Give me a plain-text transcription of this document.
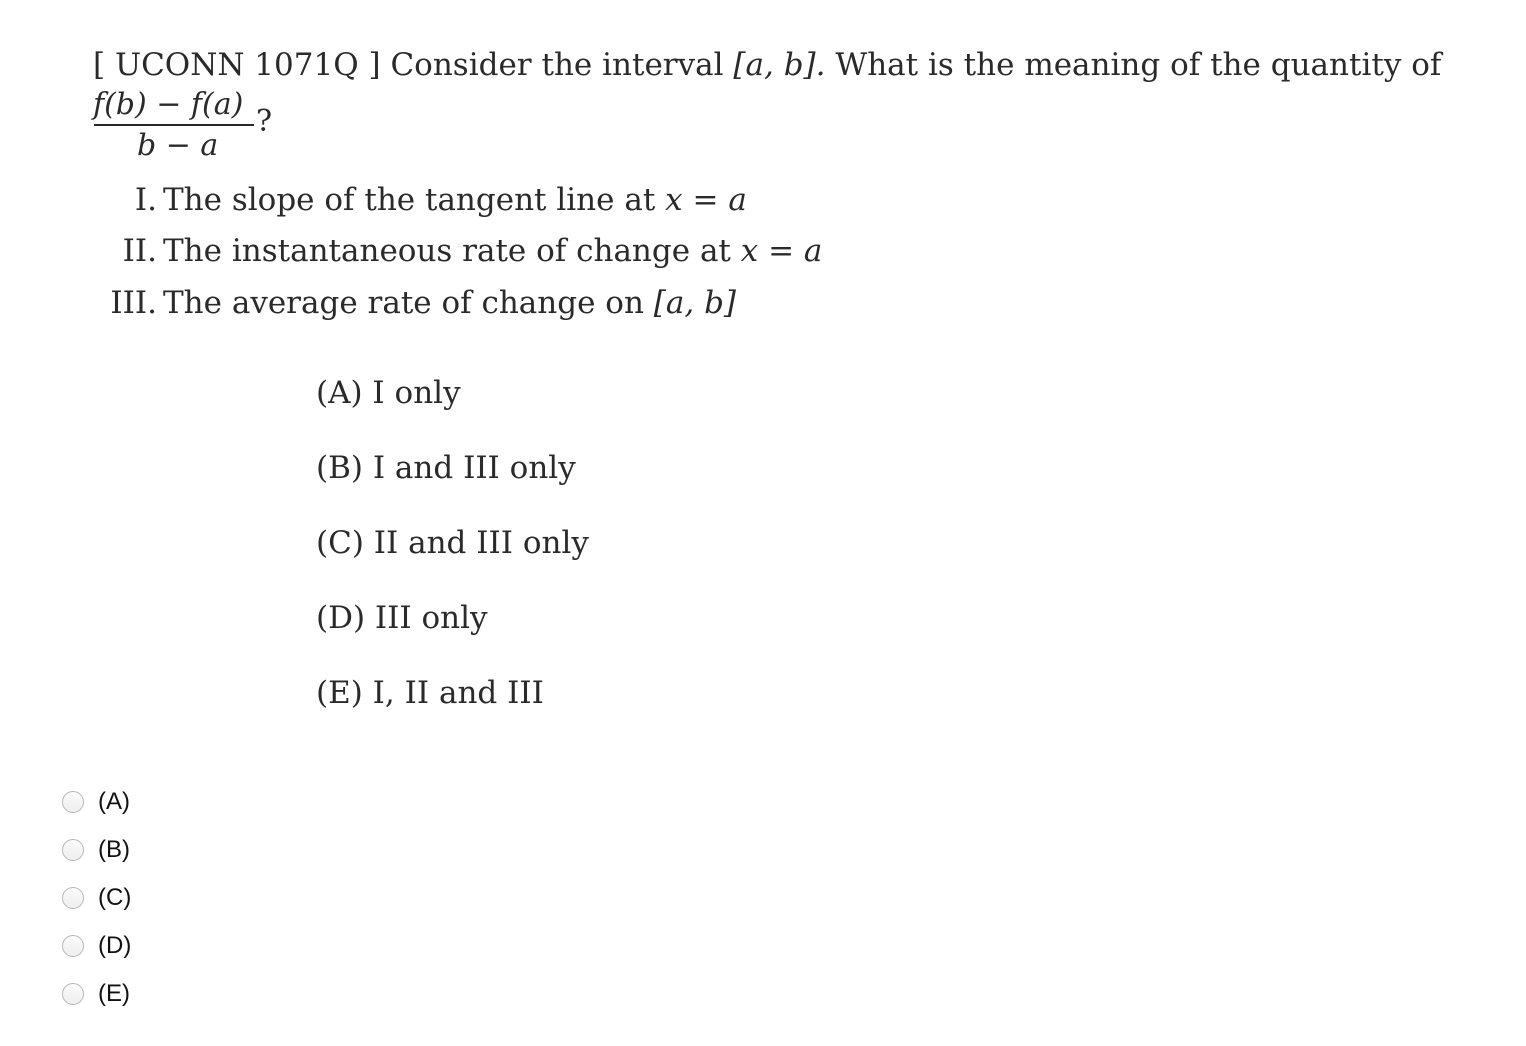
[ UCONN 1071Q ] Consider the interval [a, b]. What is the meaning of the quantity of
f(b) − f(a)
b − a
?
I. The slope of the tangent line at x = a
II. The instantaneous rate of change at x = a
III. The average rate of change on [a, b]
(A) I only
(B) I and III only
(C) II and III only
(D) III only
(E) I, II and III
(A)
(B)
(C)
(D)
(E)
